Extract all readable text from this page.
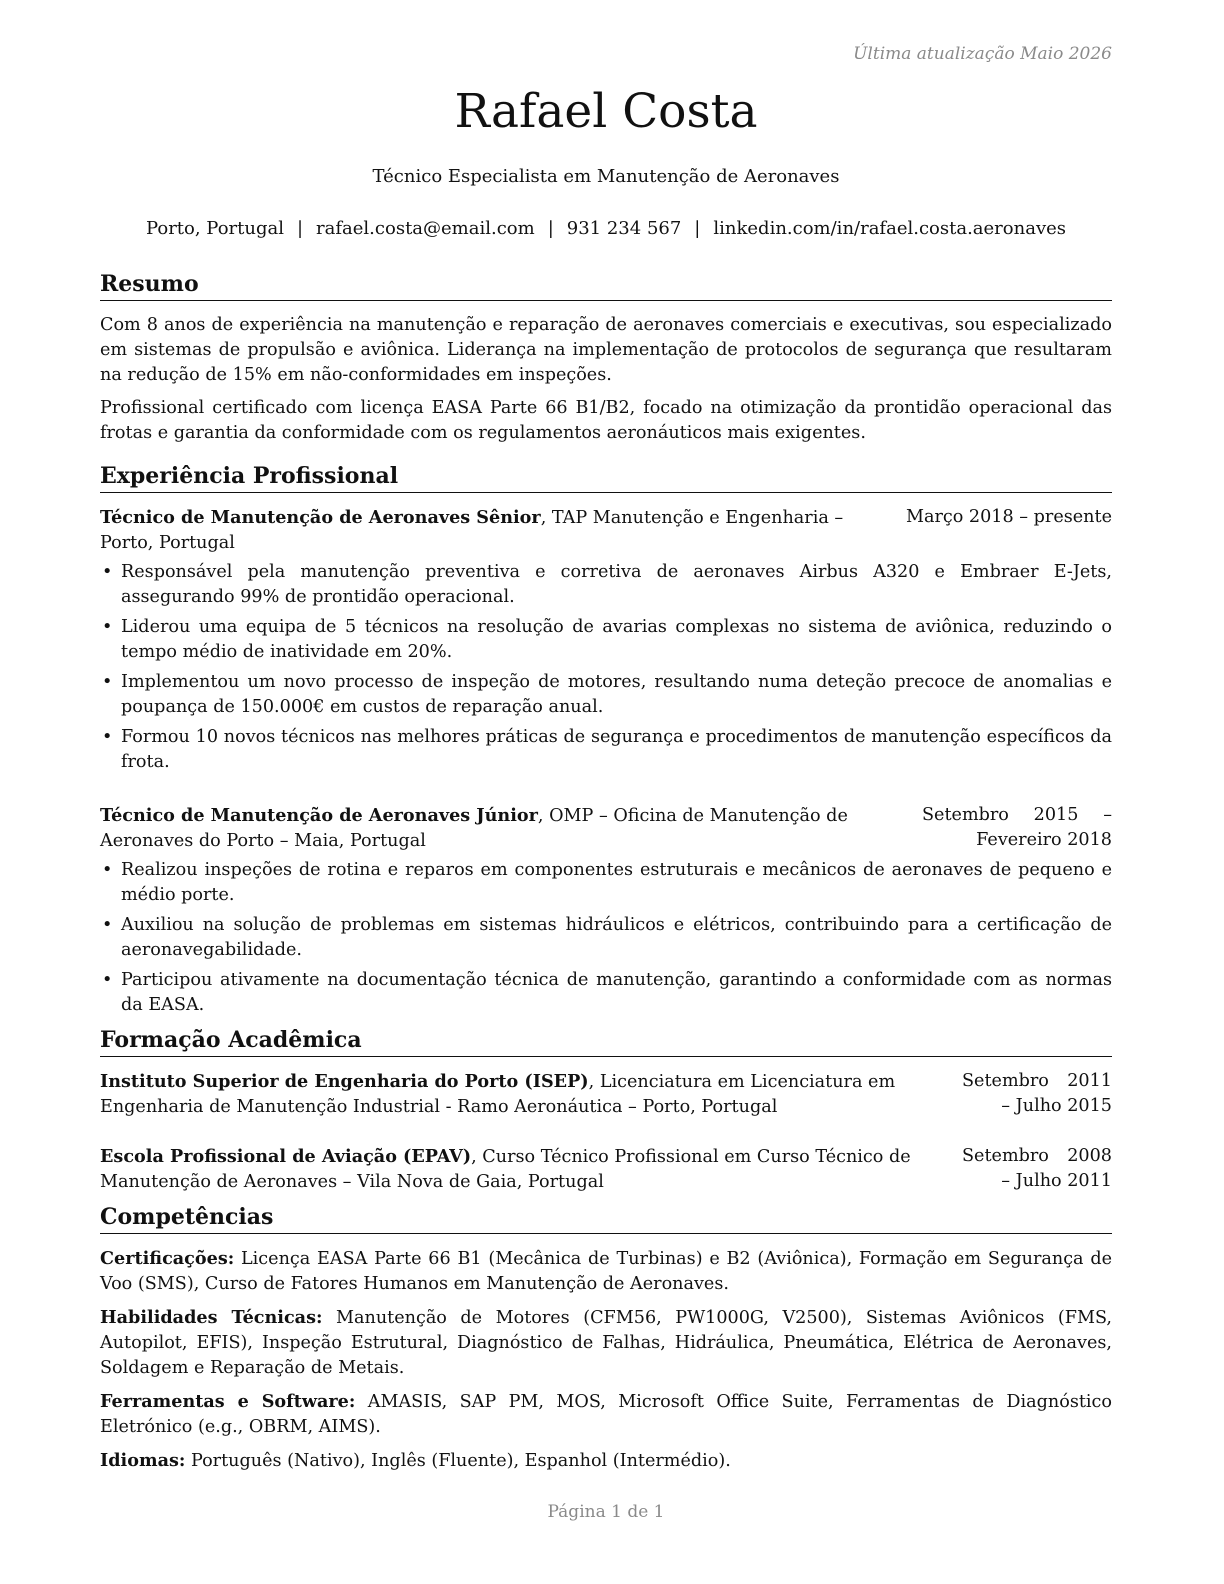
Última atualização Maio 2026
Rafael Costa
Técnico Especialista em Manutenção de Aeronaves
Porto, Portugal | rafael.costa@email.com | 931 234 567 | linkedin.com/in/rafael.costa.aeronaves
Resumo

Com 8 anos de experiência na manutenção e reparação de aeronaves comerciais e executivas, sou especializado em sistemas de propulsão e aviônica. Liderança na implementação de protocolos de segurança que resultaram na redução de 15% em não-conformidades em inspeções.

Profissional certificado com licença EASA Parte 66 B1/B2, focado na otimização da prontidão operacional das frotas e garantia da conformidade com os regulamentos aeronáuticos mais exigentes.

Experiência Profissional
Técnico de Manutenção de Aeronaves Sênior, TAP Manutenção e Engenharia – Porto, Portugal
Março 2018 – presente
• Responsável pela manutenção preventiva e corretiva de aeronaves Airbus A320 e Embraer E-Jets, assegurando 99% de prontidão operacional.
• Liderou uma equipa de 5 técnicos na resolução de avarias complexas no sistema de aviônica, reduzindo o tempo médio de inatividade em 20%.
• Implementou um novo processo de inspeção de motores, resultando numa deteção precoce de anomalias e poupança de 150.000€ em custos de reparação anual.
• Formou 10 novos técnicos nas melhores práticas de segurança e procedimentos de manutenção específicos da frota.
Técnico de Manutenção de Aeronaves Júnior, OMP – Oficina de Manutenção de Aeronaves do Porto – Maia, Portugal
Setembro 2015 – Fevereiro 2018
• Realizou inspeções de rotina e reparos em componentes estruturais e mecânicos de aeronaves de pequeno e médio porte.
• Auxiliou na solução de problemas em sistemas hidráulicos e elétricos, contribuindo para a certificação de aeronavegabilidade.
• Participou ativamente na documentação técnica de manutenção, garantindo a conformidade com as normas da EASA.
Formação Acadêmica
Instituto Superior de Engenharia do Porto (ISEP), Licenciatura em Licenciatura em Engenharia de Manutenção Industrial - Ramo Aeronáutica – Porto, Portugal
Setembro 2011 – Julho 2015
Escola Profissional de Aviação (EPAV), Curso Técnico Profissional em Curso Técnico de Manutenção de Aeronaves – Vila Nova de Gaia, Portugal
Setembro 2008 – Julho 2011
Competências
Certificações: Licença EASA Parte 66 B1 (Mecânica de Turbinas) e B2 (Aviônica), Formação em Segurança de Voo (SMS), Curso de Fatores Humanos em Manutenção de Aeronaves.
Habilidades Técnicas: Manutenção de Motores (CFM56, PW1000G, V2500), Sistemas Aviônicos (FMS, Autopilot, EFIS), Inspeção Estrutural, Diagnóstico de Falhas, Hidráulica, Pneumática, Elétrica de Aeronaves, Soldagem e Reparação de Metais.
Ferramentas e Software: AMASIS, SAP PM, MOS, Microsoft Office Suite, Ferramentas de Diagnóstico Eletrónico (e.g., OBRM, AIMS).
Idiomas: Português (Nativo), Inglês (Fluente), Espanhol (Intermédio).
Página 1 de 1
